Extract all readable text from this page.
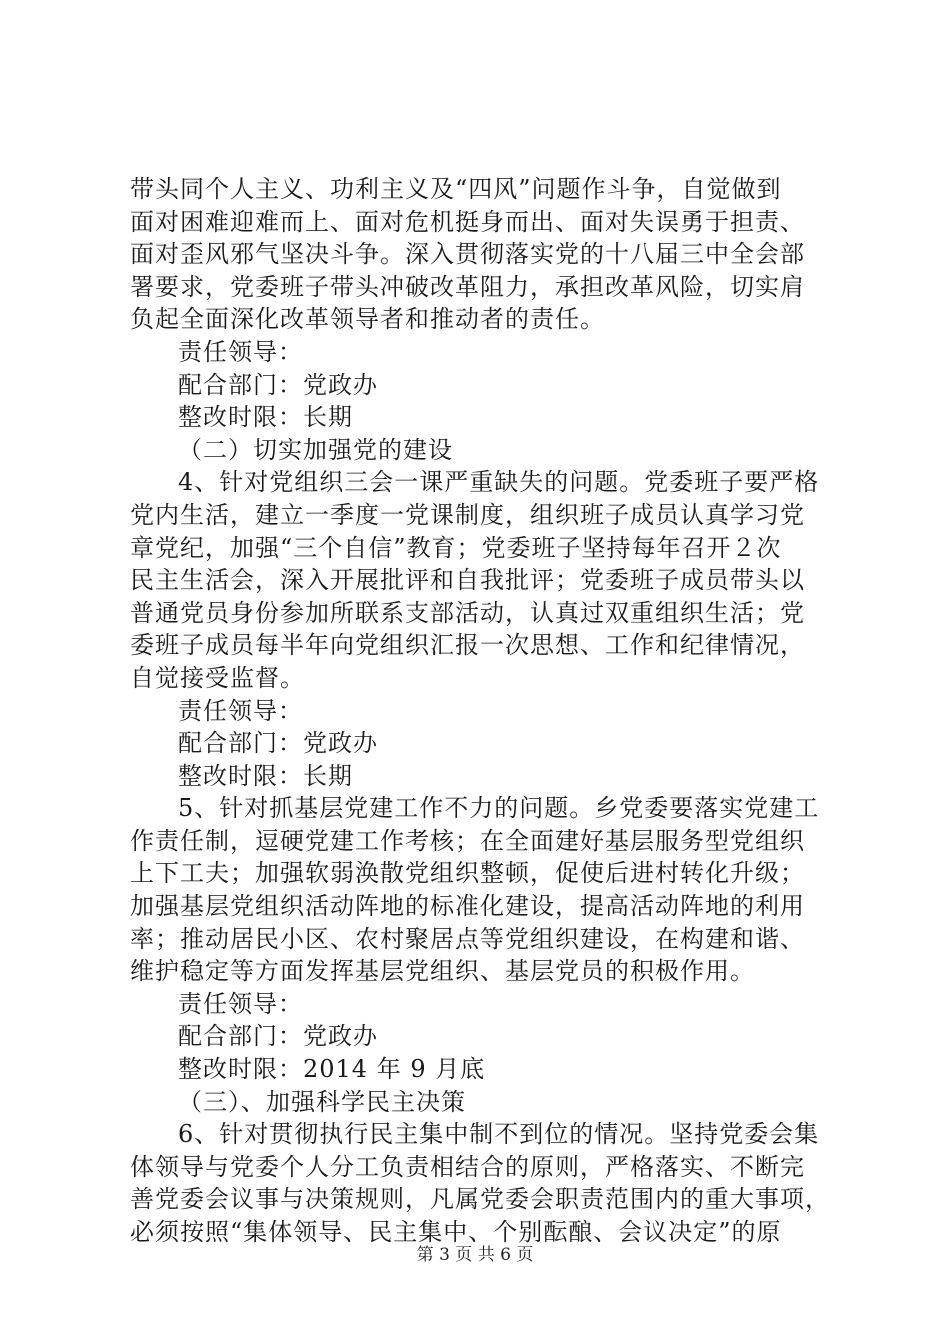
带头同个人主义、功利主义及“四风”问题作斗争，自觉做到
面对困难迎难而上、面对危机挺身而出、面对失误勇于担责、
面对歪风邪气坚决斗争。深入贯彻落实党的十八届三中全会部
署要求，党委班子带头冲破改革阻力，承担改革风险，切实肩
负起全面深化改革领导者和推动者的责任。
责任领导：
配合部门：党政办
整改时限：长期
（二）切实加强党的建设
4、针对党组织三会一课严重缺失的问题。党委班子要严格
党内生活，建立一季度一党课制度，组织班子成员认真学习党
章党纪，加强“三个自信”教育；党委班子坚持每年召开２次
民主生活会，深入开展批评和自我批评；党委班子成员带头以
普通党员身份参加所联系支部活动，认真过双重组织生活；党
委班子成员每半年向党组织汇报一次思想、工作和纪律情况，
自觉接受监督。
责任领导：
配合部门：党政办
整改时限：长期
5、针对抓基层党建工作不力的问题。乡党委要落实党建工
作责任制，逗硬党建工作考核；在全面建好基层服务型党组织
上下工夫；加强软弱涣散党组织整顿，促使后进村转化升级；
加强基层党组织活动阵地的标准化建设，提高活动阵地的利用
率；推动居民小区、农村聚居点等党组织建设，在构建和谐、
维护稳定等方面发挥基层党组织、基层党员的积极作用。
责任领导：
配合部门：党政办
整改时限：2014 年 9 月底
（三）、加强科学民主决策
6、针对贯彻执行民主集中制不到位的情况。坚持党委会集
体领导与党委个人分工负责相结合的原则，严格落实、不断完
善党委会议事与决策规则，凡属党委会职责范围内的重大事项，
必须按照“集体领导、民主集中、个别酝酿、会议决定”的原
第 3 页 共 6 页
